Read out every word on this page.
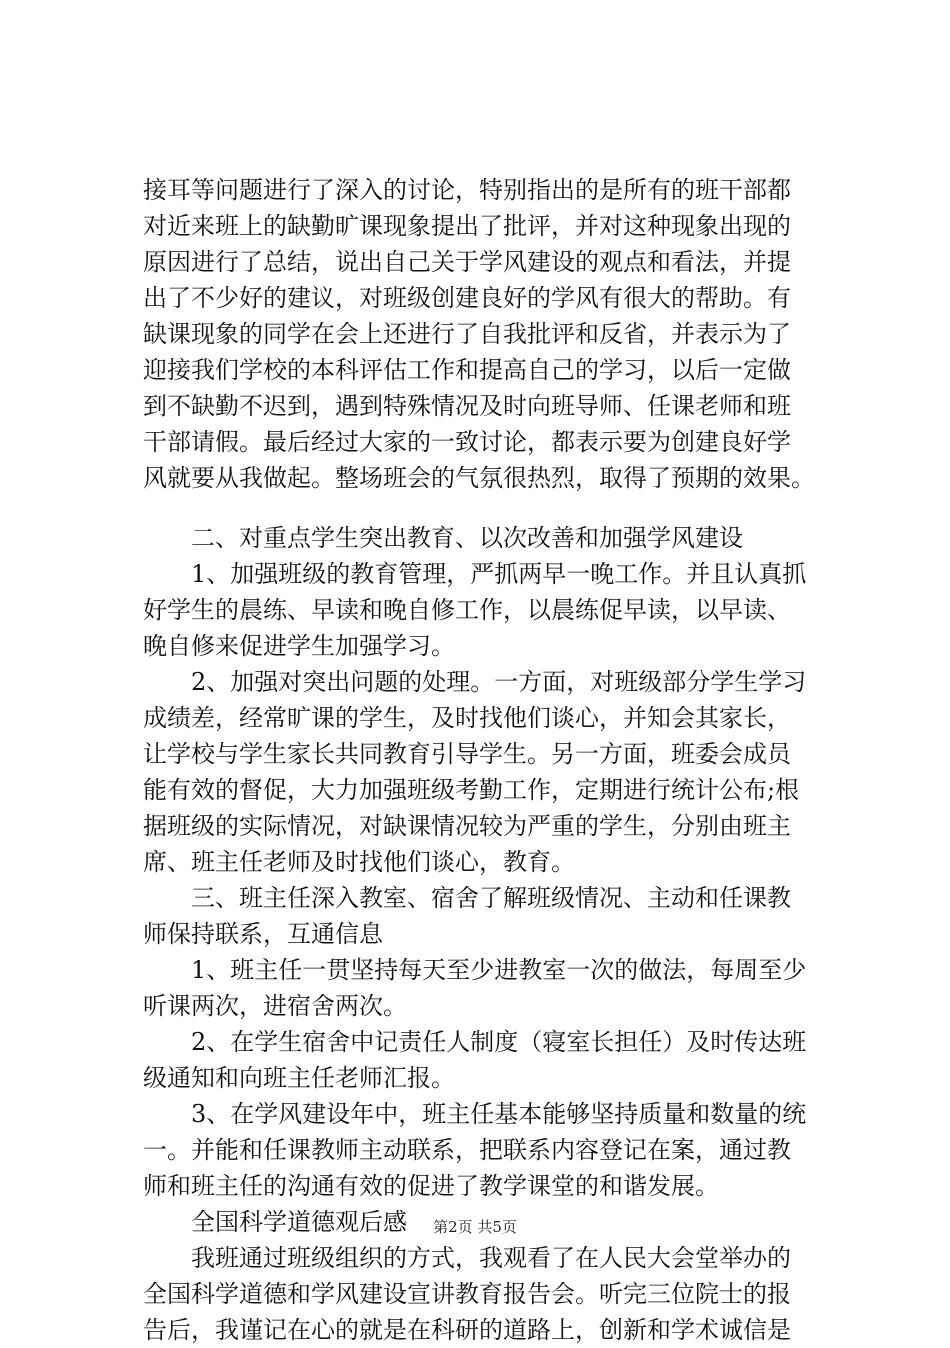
接耳等问题进行了深入的讨论，特别指出的是所有的班干部都
对近来班上的缺勤旷课现象提出了批评，并对这种现象出现的
原因进行了总结，说出自己关于学风建设的观点和看法，并提
出了不少好的建议，对班级创建良好的学风有很大的帮助。有
缺课现象的同学在会上还进行了自我批评和反省，并表示为了
迎接我们学校的本科评估工作和提高自己的学习，以后一定做
到不缺勤不迟到，遇到特殊情况及时向班导师、任课老师和班
干部请假。最后经过大家的一致讨论，都表示要为创建良好学
风就要从我做起。整场班会的气氛很热烈，取得了预期的效果。
　　二、对重点学生突出教育、以次改善和加强学风建设
　　1、加强班级的教育管理，严抓两早一晚工作。并且认真抓
好学生的晨练、早读和晚自修工作，以晨练促早读，以早读、
晚自修来促进学生加强学习。
　　2、加强对突出问题的处理。一方面，对班级部分学生学习
成绩差，经常旷课的学生，及时找他们谈心，并知会其家长，
让学校与学生家长共同教育引导学生。另一方面，班委会成员
能有效的督促，大力加强班级考勤工作，定期进行统计公布;根
据班级的实际情况，对缺课情况较为严重的学生，分别由班主
席、班主任老师及时找他们谈心，教育。
　　三、班主任深入教室、宿舍了解班级情况、主动和任课教
师保持联系，互通信息
　　1、班主任一贯坚持每天至少进教室一次的做法，每周至少
听课两次，进宿舍两次。
　　2、在学生宿舍中记责任人制度（寝室长担任）及时传达班
级通知和向班主任老师汇报。
　　3、在学风建设年中，班主任基本能够坚持质量和数量的统
一。并能和任课教师主动联系，把联系内容登记在案，通过教
师和班主任的沟通有效的促进了教学课堂的和谐发展。
　　全国科学道德观后感
　　我班通过班级组织的方式，我观看了在人民大会堂举办的
全国科学道德和学风建设宣讲教育报告会。听完三位院士的报
告后，我谨记在心的就是在科研的道路上，创新和学术诚信是
第2页 共5页
